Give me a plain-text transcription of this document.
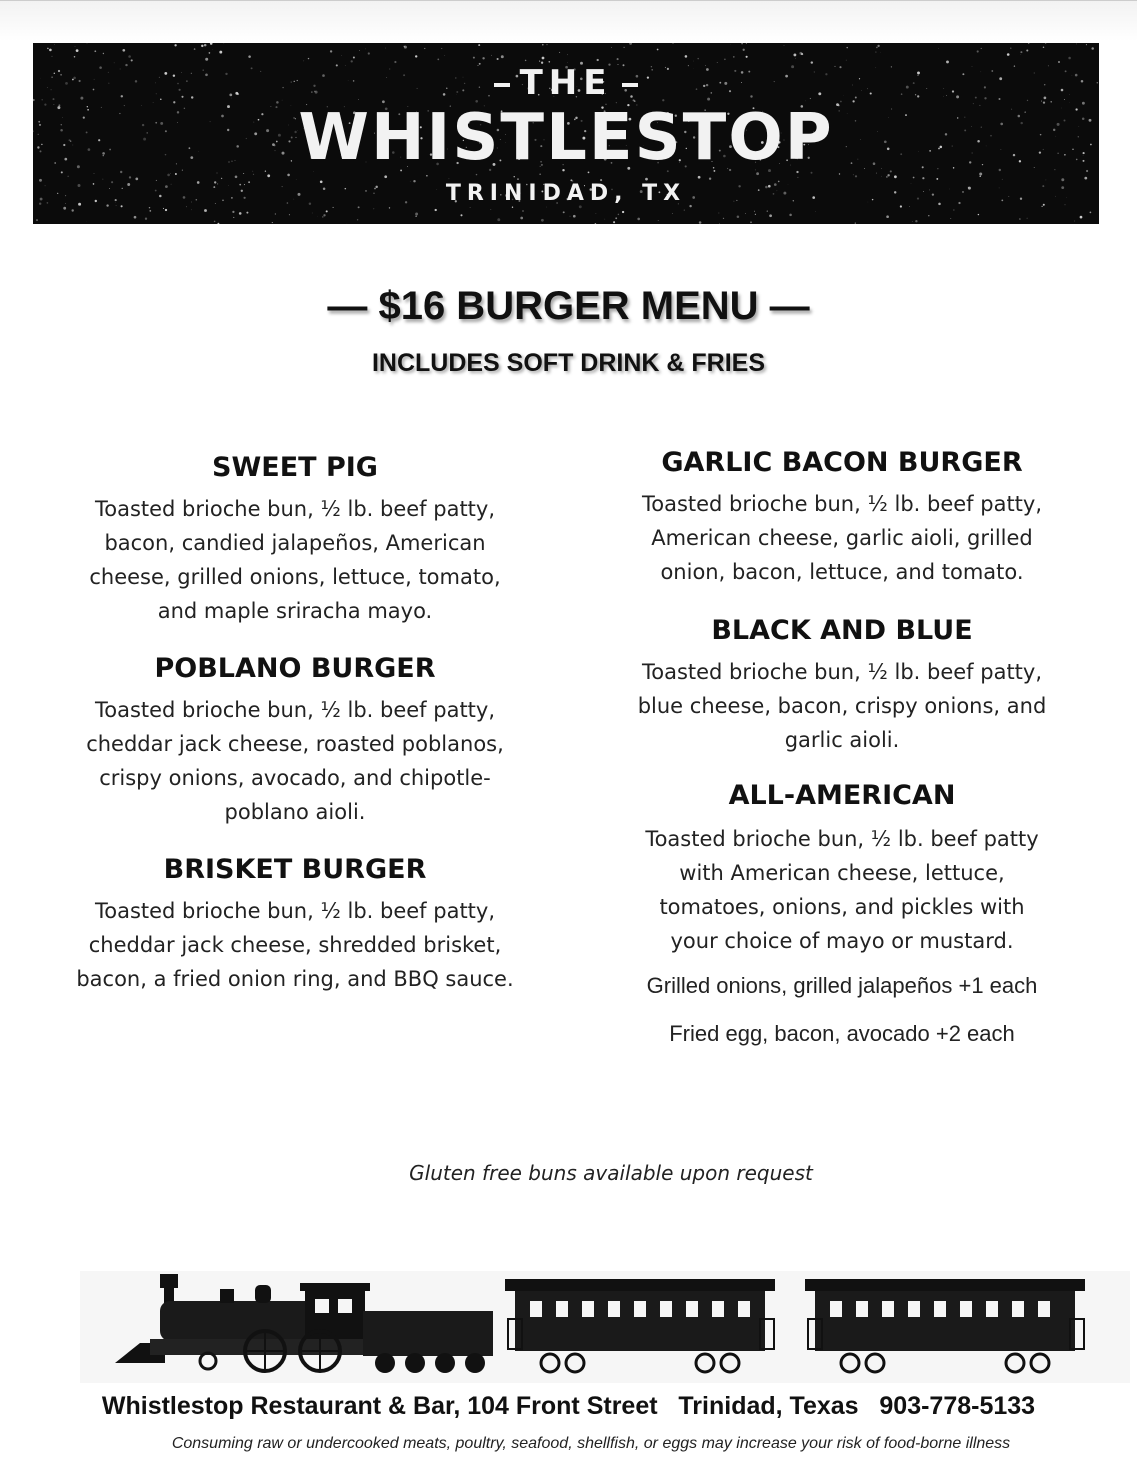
THE
WHISTLESTOP
TRINIDAD, TX
— $16 BURGER MENU —
INCLUDES SOFT DRINK & FRIES
SWEET PIG
Toasted brioche bun, ½ lb. beef patty,
bacon, candied jalapeños, American
cheese, grilled onions, lettuce, tomato,
and maple sriracha mayo.
POBLANO BURGER
Toasted brioche bun, ½ lb. beef patty,
cheddar jack cheese, roasted poblanos,
crispy onions, avocado, and chipotle-
poblano aioli.
BRISKET BURGER
Toasted brioche bun, ½ lb. beef patty,
cheddar jack cheese, shredded brisket,
bacon, a fried onion ring, and BBQ sauce.
GARLIC BACON BURGER
Toasted brioche bun, ½ lb. beef patty,
American cheese, garlic aioli, grilled
onion, bacon, lettuce, and tomato.
BLACK AND BLUE
Toasted brioche bun, ½ lb. beef patty,
blue cheese, bacon, crispy onions, and
garlic aioli.
ALL-AMERICAN
Toasted brioche bun, ½ lb. beef patty
with American cheese, lettuce,
tomatoes, onions, and pickles with
your choice of mayo or mustard.
Grilled onions, grilled jalapeños +1 each
Fried egg, bacon, avocado +2 each
Gluten free buns available upon request
Whistlestop Restaurant & Bar, 104 Front Street   Trinidad, Texas   903-778-5133
Consuming raw or undercooked meats, poultry, seafood, shellfish, or eggs may increase your risk of food-borne illness
